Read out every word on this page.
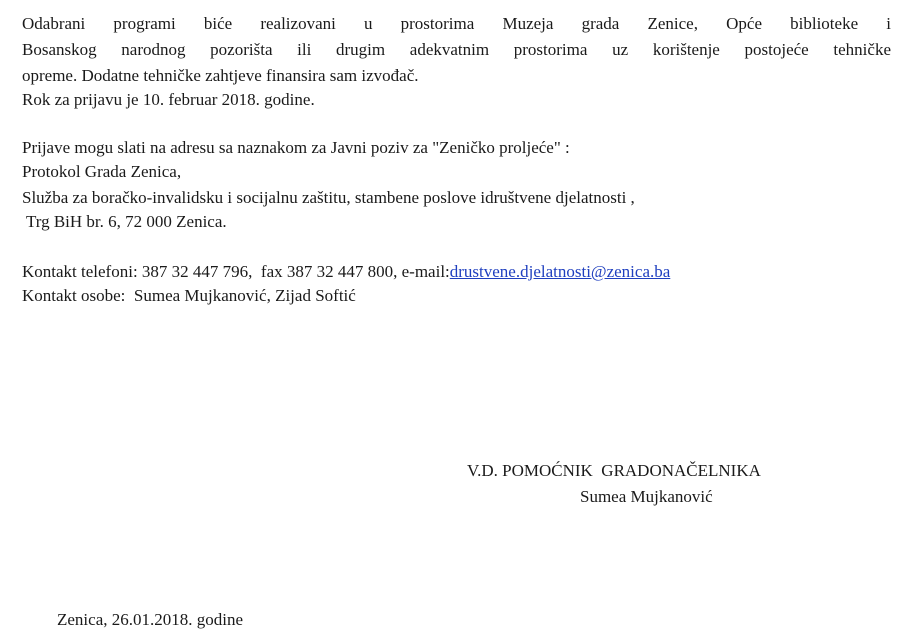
Odabrani programi biće realizovani u prostorima Muzeja grada Zenice, Opće biblioteke i
Bosanskog narodnog pozorišta ili drugim adekvatnim prostorima uz korištenje postojeće tehničke
opreme. Dodatne tehničke zahtjeve finansira sam izvođač.
Rok za prijavu je 10. februar 2018. godine.
Prijave mogu slati na adresu sa naznakom za Javni poziv za "Zeničko proljeće" :
Protokol Grada Zenica,
Služba za boračko-invalidsku i socijalnu zaštitu, stambene poslove idruštvene djelatnosti ,
Trg BiH br. 6, 72 000 Zenica.
Kontakt telefoni: 387 32 447 796,  fax 387 32 447 800, e-mail:drustvene.djelatnosti@zenica.ba
Kontakt osobe:  Sumea Mujkanović, Zijad Softić
V.D. POMOĆNIK  GRADONAČELNIKA
Sumea Mujkanović
Zenica, 26.01.2018. godine
